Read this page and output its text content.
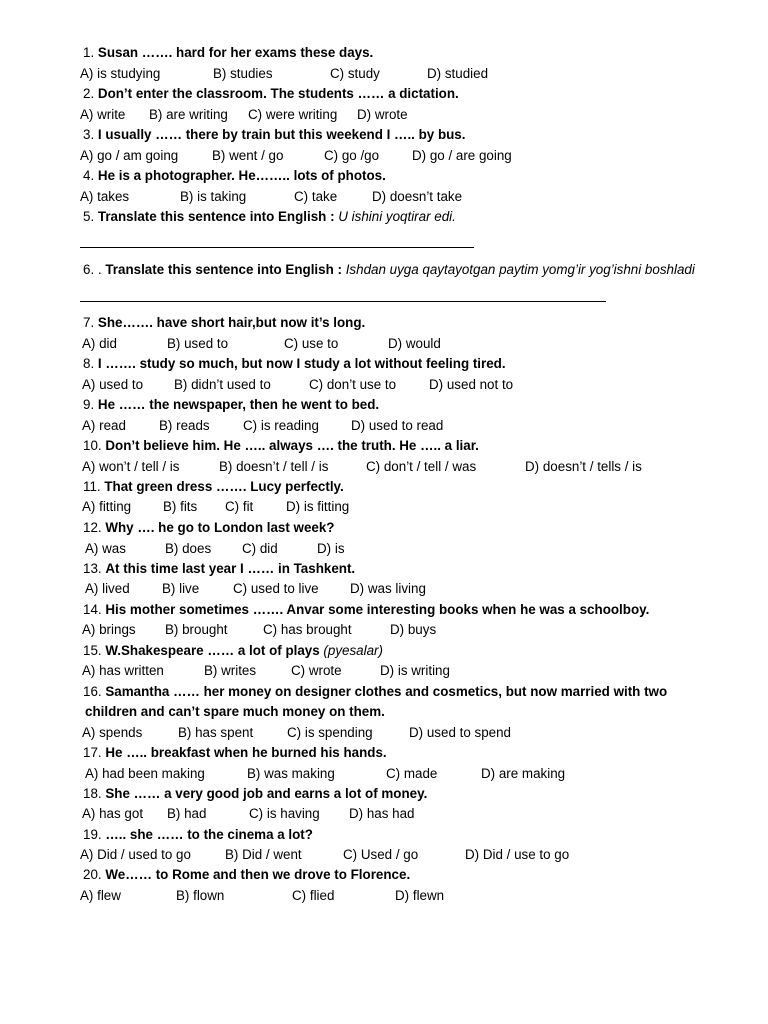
1. Susan ……. hard for her exams these days.
A) is studying	B) studies	C) study	D) studied
2. Don’t enter the classroom. The students …… a dictation.
A) write B) are writing C) were writing D) wrote
3. I usually …… there by train but this weekend I ….. by bus.
A) go / am going	B) went / go	C) go /go D) go / are going
4. He is a photographer. He…….. lots of photos.
A) takes	B) is taking	C) take	D) doesn’t take
5. Translate this sentence into English : U ishini yoqtirar edi.
6. . Translate this sentence into English : Ishdan uyga qaytayotgan paytim yomg’ir yog’ishni boshladi
7. She……. have short hair,but now it’s long.
A) did	B) used to	C) use to	D) would
8. I ……. study so much, but now I study a lot without feeling tired.
A) used to B) didn’t used to	C) don’t use to D) used not to
9. He …… the newspaper, then he went to bed.
A) read B) reads C) is reading D) used to read
10. Don’t believe him. He ….. always …. the truth. He ….. a liar.
A) won’t / tell / is	B) doesn’t / tell / is	C) don’t / tell / was	D) doesn’t / tells / is
11. That green dress ……. Lucy perfectly.
A) fitting B) fits C) fit D) is fitting
12. Why …. he go to London last week?
A) was	B) does C) did	D) is
13. At this time last year I …… in Tashkent.
A) lived B) live	C) used to live D) was living
14. His mother sometimes ……. Anvar some interesting books when he was a schoolboy.
A) brings B) brought	C) has brought	D) buys
15. W.Shakespeare …… a lot of plays (pyesalar)
A) has written	B) writes	C) wrote	D) is writing
16. Samantha …… her money on designer clothes and cosmetics, but now married with two
children and can’t spare much money on them.
A) spends	B) has spent	C) is spending	D) used to spend
17. He ….. breakfast when he burned his hands.
A) had been making	B) was making	C) made	D) are making
18. She …… a very good job and earns a lot of money.
A) has got B) had	C) is having D) has had
19. ….. she …… to the cinema a lot?
A) Did / used to go	B) Did / went	C) Used / go	D) Did / use to go
20. We…… to Rome and then we drove to Florence.
A) flew	B) flown	C) flied	D) flewn
